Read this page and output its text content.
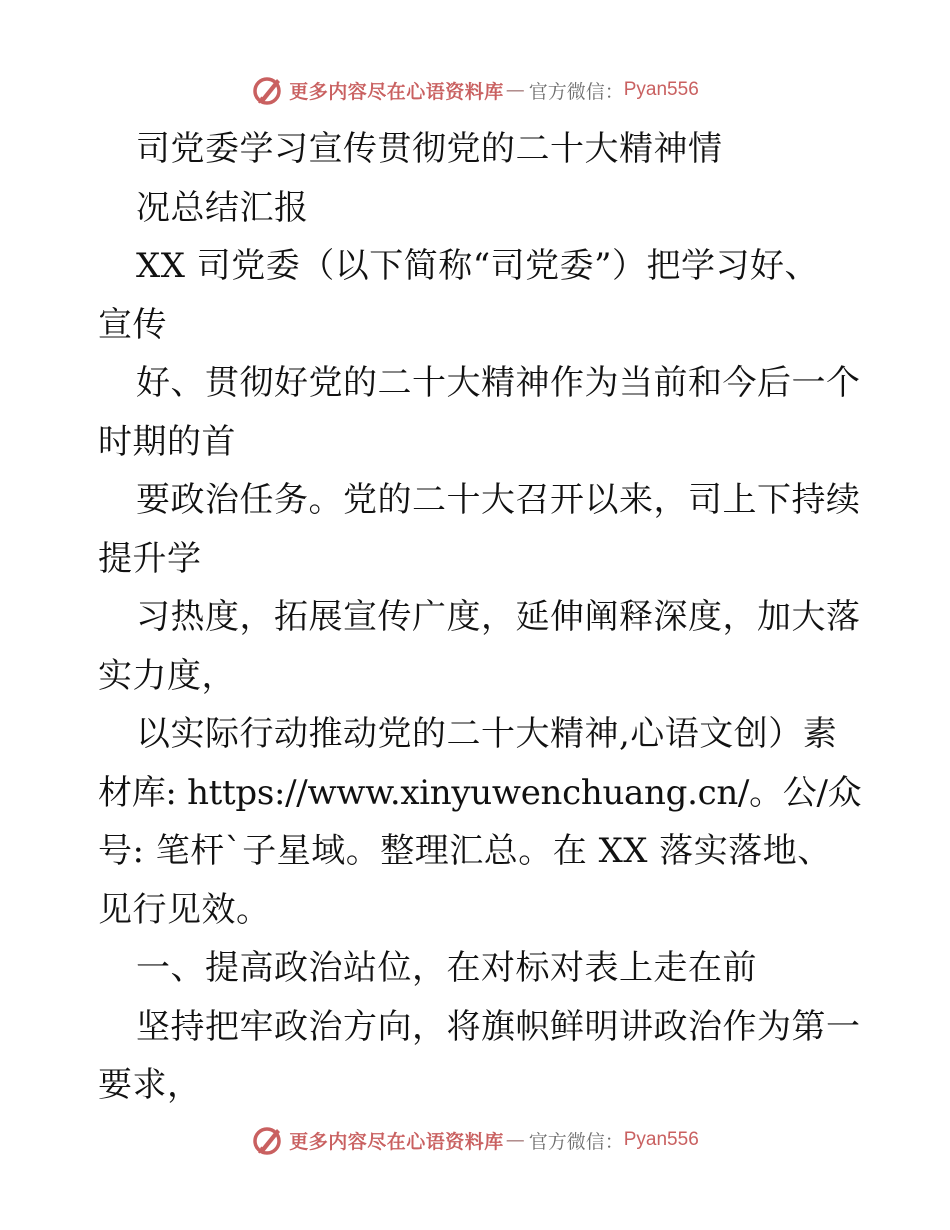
更多内容尽在心语资料库 — 官方微信： Pyan556
司党委学习宣传贯彻党的二十大精神情
况总结汇报
XX 司党委（以下简称“司党委”）把学习好、
宣传
好、贯彻好党的二十大精神作为当前和今后一个
时期的首
要政治任务。党的二十大召开以来，司上下持续
提升学
习热度，拓展宣传广度，延伸阐释深度，加大落
实力度，
以实际行动推动党的二十大精神,心语文创）素
材库: https://www.xinyuwenchuang.cn/。公/众
号: 笔杆`子星域。整理汇总。在 XX 落实落地、
见行见效。
一、提高政治站位，在对标对表上走在前
坚持把牢政治方向，将旗帜鲜明讲政治作为第一
要求，
更多内容尽在心语资料库 — 官方微信： Pyan556
